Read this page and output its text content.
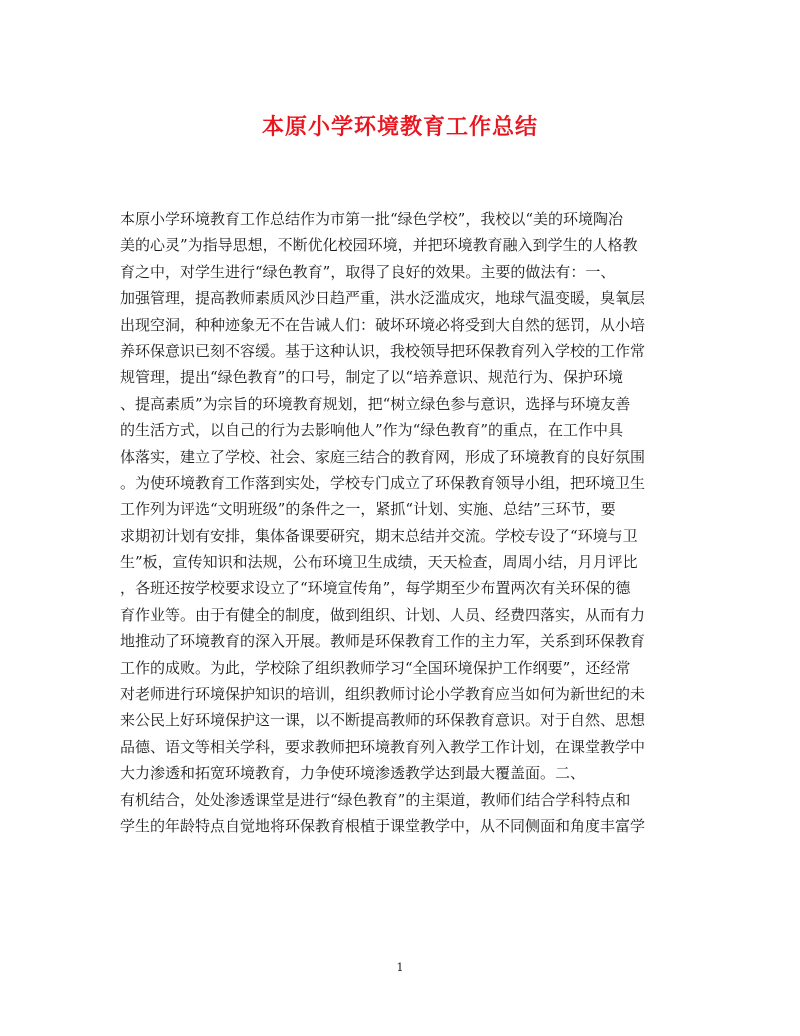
本原小学环境教育工作总结
本原小学环境教育工作总结作为市第一批“绿色学校”，我校以“美的环境陶冶
美的心灵”为指导思想，不断优化校园环境，并把环境教育融入到学生的人格教
育之中，对学生进行“绿色教育”，取得了良好的效果。主要的做法有：一、
加强管理，提高教师素质风沙日趋严重，洪水泛滥成灾，地球气温变暖，臭氧层
出现空洞，种种迹象无不在告诫人们：破坏环境必将受到大自然的惩罚，从小培
养环保意识已刻不容缓。基于这种认识，我校领导把环保教育列入学校的工作常
规管理，提出“绿色教育”的口号，制定了以“培养意识、规范行为、保护环境
、提高素质”为宗旨的环境教育规划，把“树立绿色参与意识，选择与环境友善
的生活方式，以自己的行为去影响他人”作为“绿色教育”的重点，在工作中具
体落实，建立了学校、社会、家庭三结合的教育网，形成了环境教育的良好氛围
。为使环境教育工作落到实处，学校专门成立了环保教育领导小组，把环境卫生
工作列为评选“文明班级”的条件之一，紧抓“计划、实施、总结”三环节，要
求期初计划有安排，集体备课要研究，期末总结并交流。学校专设了“环境与卫
生”板，宣传知识和法规，公布环境卫生成绩，天天检查，周周小结，月月评比
，各班还按学校要求设立了“环境宣传角”，每学期至少布置两次有关环保的德
育作业等。由于有健全的制度，做到组织、计划、人员、经费四落实，从而有力
地推动了环境教育的深入开展。教师是环保教育工作的主力军，关系到环保教育
工作的成败。为此，学校除了组织教师学习“全国环境保护工作纲要”，还经常
对老师进行环境保护知识的培训，组织教师讨论小学教育应当如何为新世纪的未
来公民上好环境保护这一课，以不断提高教师的环保教育意识。对于自然、思想
品德、语文等相关学科，要求教师把环境教育列入教学工作计划，在课堂教学中
大力渗透和拓宽环境教育，力争使环境渗透教学达到最大覆盖面。二、
有机结合，处处渗透课堂是进行“绿色教育”的主渠道，教师们结合学科特点和
学生的年龄特点自觉地将环保教育根植于课堂教学中，从不同侧面和角度丰富学
1
